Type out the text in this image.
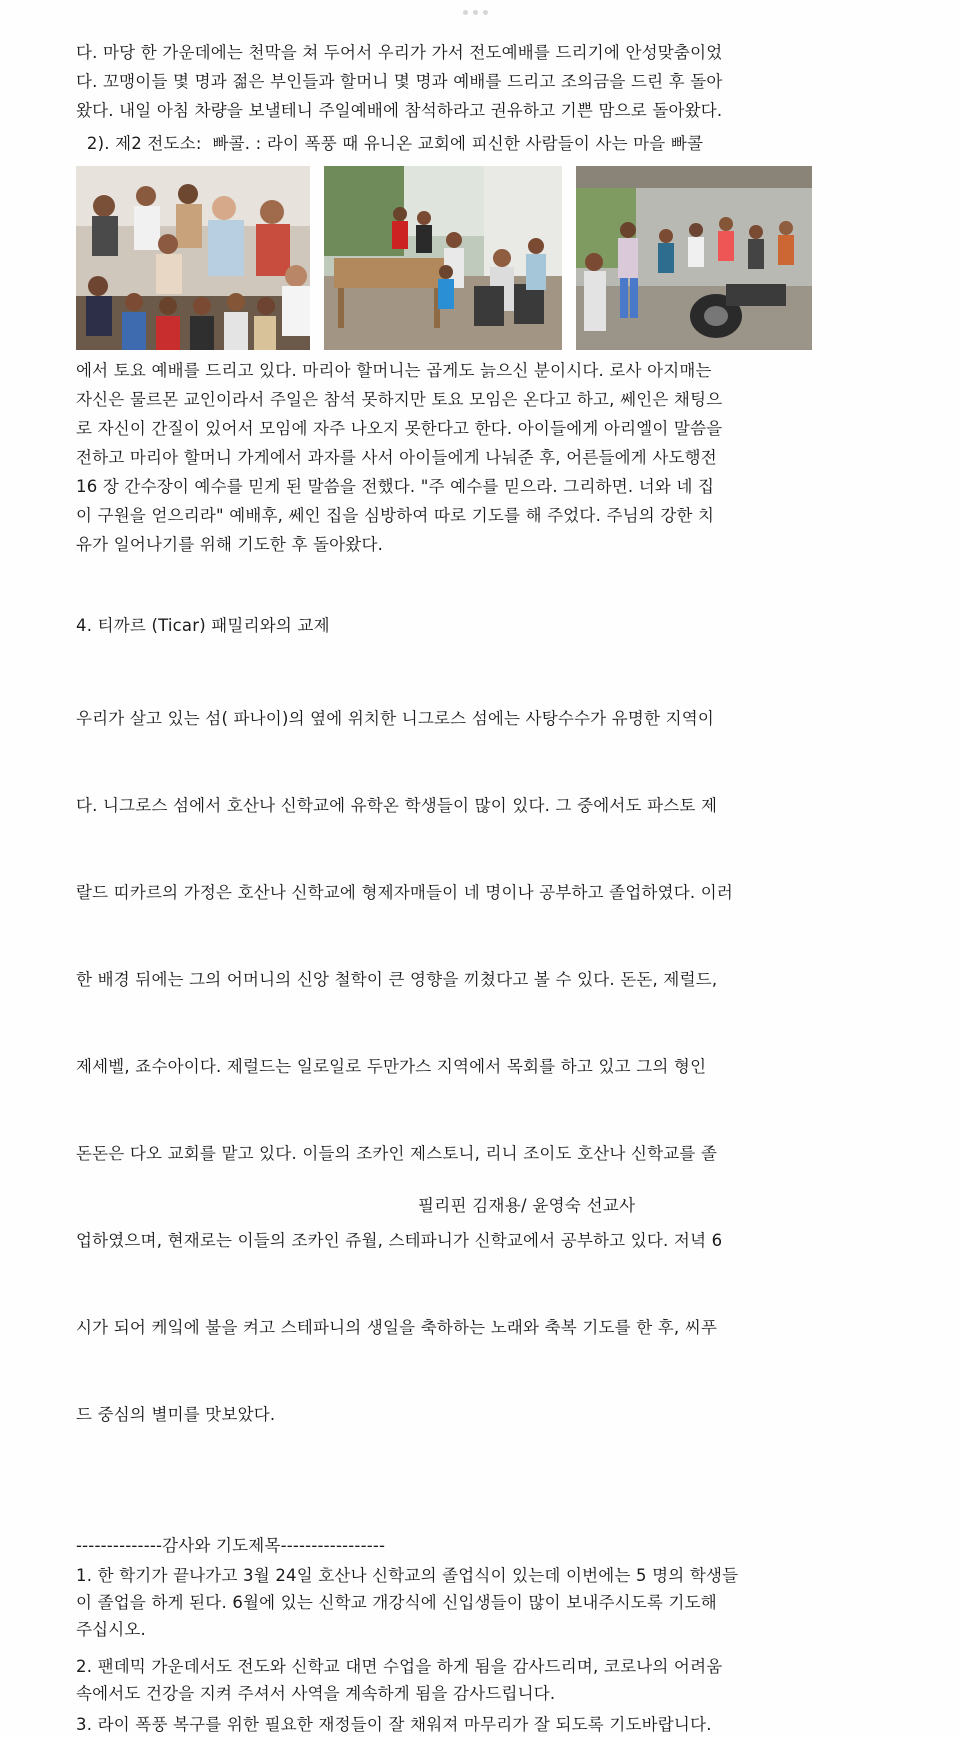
다. 마당 한 가운데에는 천막을 쳐 두어서 우리가 가서 전도예배를 드리기에 안성맞춤이었
다. 꼬맹이들 몇 명과 젊은 부인들과 할머니 몇 명과 예배를 드리고 조의금을 드린 후 돌아
왔다. 내일 아침 차량을 보낼테니 주일예배에 참석하라고 권유하고 기쁜 맘으로 돌아왔다.

2). 제2 전도소:  빠콜. : 라이 폭풍 때 유니온 교회에 피신한 사람들이 사는 마을 빠콜

에서 토요 예배를 드리고 있다. 마리아 할머니는 곱게도 늙으신 분이시다. 로사 아지매는
자신은 물르몬 교인이라서 주일은 참석 못하지만 토요 모임은 온다고 하고, 쎄인은 채팅으
로 자신이 간질이 있어서 모임에 자주 나오지 못한다고 한다. 아이들에게 아리엘이 말씀을
전하고 마리아 할머니 가게에서 과자를 사서 아이들에게 나눠준 후, 어른들에게 사도행전
16 장 간수장이 예수를 믿게 된 말씀을 전했다. "주 예수를 믿으라. 그리하면. 너와 네 집
이 구원을 얻으리라" 예배후, 쎄인 집을 심방하여 따로 기도를 해 주었다. 주님의 강한 치
유가 일어나기를 위해 기도한 후 돌아왔다.

4. 티까르 (Ticar) 패밀리와의 교제

우리가 살고 있는 섬( 파나이)의 옆에 위치한 니그로스 섬에는 사탕수수가 유명한 지역이

다. 니그로스 섬에서 호산나 신학교에 유학온 학생들이 많이 있다. 그 중에서도 파스토 제

랄드 띠카르의 가정은 호산나 신학교에 형제자매들이 네 명이나 공부하고 졸업하였다. 이러

한 배경 뒤에는 그의 어머니의 신앙 철학이 큰 영향을 끼쳤다고 볼 수 있다. 돈돈, 제럴드,

제세벨, 죠수아이다. 제럴드는 일로일로 두만가스 지역에서 목회를 하고 있고 그의 형인

돈돈은 다오 교회를 맡고 있다. 이들의 조카인 제스토니, 리니 조이도 호산나 신학교를 졸

업하였으며, 현재로는 이들의 조카인 쥬월, 스테파니가 신학교에서 공부하고 있다. 저녁 6

시가 되어 케잌에 불을 켜고 스테파니의 생일을 축하하는 노래와 축복 기도를 한 후, 씨푸

드 중심의 별미를 맛보았다.

--------------감사와 기도제목-----------------

1. 한 학기가 끝나가고 3월 24일 호산나 신학교의 졸업식이 있는데 이번에는 5 명의 학생들
이 졸업을 하게 된다. 6월에 있는 신학교 개강식에 신입생들이 많이 보내주시도록 기도해
주십시오.

2. 팬데믹 가운데서도 전도와 신학교 대면 수업을 하게 됨을 감사드리며, 코로나의 어려움
속에서도 건강을 지켜 주셔서 사역을 계속하게 됨을 감사드립니다.

3. 라이 폭풍 복구를 위한 필요한 재정들이 잘 채워져 마무리가 잘 되도록 기도바랍니다.

필리핀 김재용/ 윤영숙 선교사
